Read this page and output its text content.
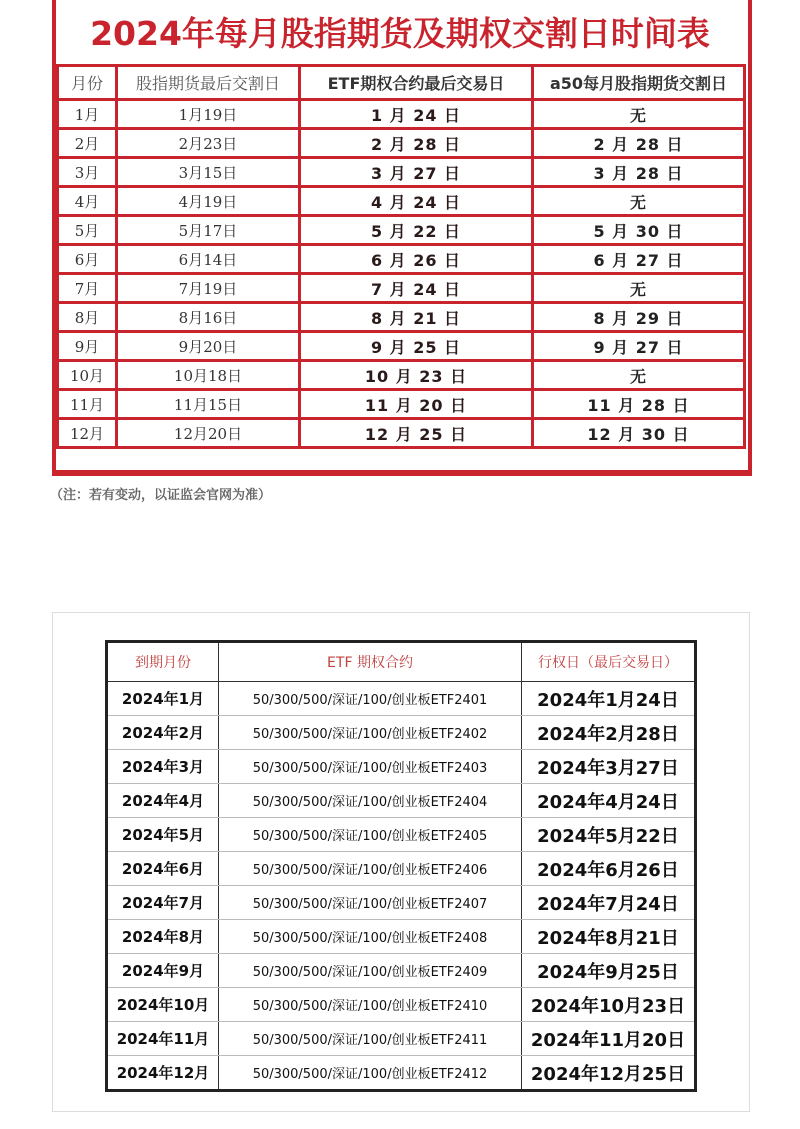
2024年每月股指期货及期权交割日时间表
月份	股指期货最后交割日	ETF期权合约最后交易日	a50每月股指期货交割日
1月	1月19日	1 月 24 日	无
2月	2月23日	2 月 28 日	2 月 28 日
3月	3月15日	3 月 27 日	3 月 28 日
4月	4月19日	4 月 24 日	无
5月	5月17日	5 月 22 日	5 月 30 日
6月	6月14日	6 月 26 日	6 月 27 日
7月	7月19日	7 月 24 日	无
8月	8月16日	8 月 21 日	8 月 29 日
9月	9月20日	9 月 25 日	9 月 27 日
10月	10月18日	10 月 23 日	无
11月	11月15日	11 月 20 日	11 月 28 日
12月	12月20日	12 月 25 日	12 月 30 日
（注：若有变动，以证监会官网为准）
到期月份	ETF 期权合约	行权日（最后交易日）
2024年1月	50/300/500/深证/100/创业板ETF2401	2024年1月24日
2024年2月	50/300/500/深证/100/创业板ETF2402	2024年2月28日
2024年3月	50/300/500/深证/100/创业板ETF2403	2024年3月27日
2024年4月	50/300/500/深证/100/创业板ETF2404	2024年4月24日
2024年5月	50/300/500/深证/100/创业板ETF2405	2024年5月22日
2024年6月	50/300/500/深证/100/创业板ETF2406	2024年6月26日
2024年7月	50/300/500/深证/100/创业板ETF2407	2024年7月24日
2024年8月	50/300/500/深证/100/创业板ETF2408	2024年8月21日
2024年9月	50/300/500/深证/100/创业板ETF2409	2024年9月25日
2024年10月	50/300/500/深证/100/创业板ETF2410	2024年10月23日
2024年11月	50/300/500/深证/100/创业板ETF2411	2024年11月20日
2024年12月	50/300/500/深证/100/创业板ETF2412	2024年12月25日
